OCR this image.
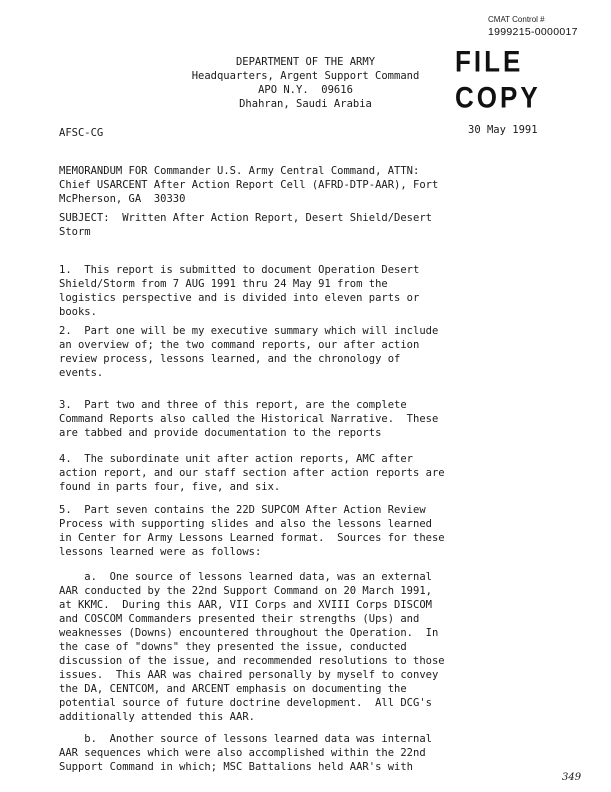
CMAT Control #
1999215-0000017
FILE COPY
DEPARTMENT OF THE ARMY
Headquarters, Argent Support Command
APO N.Y.  09616
Dhahran, Saudi Arabia
AFSC-CG	30 May 1991
MEMORANDUM FOR Commander U.S. Army Central Command, ATTN:
Chief USARCENT After Action Report Cell (AFRD-DTP-AAR), Fort
McPherson, GA  30330
SUBJECT:  Written After Action Report, Desert Shield/Desert
Storm
1.  This report is submitted to document Operation Desert
Shield/Storm from 7 AUG 1991 thru 24 May 91 from the
logistics perspective and is divided into eleven parts or
books.
2.  Part one will be my executive summary which will include
an overview of; the two command reports, our after action
review process, lessons learned, and the chronology of
events.
3.  Part two and three of this report, are the complete
Command Reports also called the Historical Narrative.  These
are tabbed and provide documentation to the reports
4.  The subordinate unit after action reports, AMC after
action report, and our staff section after action reports are
found in parts four, five, and six.
5.  Part seven contains the 22D SUPCOM After Action Review
Process with supporting slides and also the lessons learned
in Center for Army Lessons Learned format.  Sources for these
lessons learned were as follows:
a.  One source of lessons learned data, was an external
AAR conducted by the 22nd Support Command on 20 March 1991,
at KKMC.  During this AAR, VII Corps and XVIII Corps DISCOM
and COSCOM Commanders presented their strengths (Ups) and
weaknesses (Downs) encountered throughout the Operation.  In
the case of "downs" they presented the issue, conducted
discussion of the issue, and recommended resolutions to those
issues.  This AAR was chaired personally by myself to convey
the DA, CENTCOM, and ARCENT emphasis on documenting the
potential source of future doctrine development.  All DCG's
additionally attended this AAR.
b.  Another source of lessons learned data was internal
AAR sequences which were also accomplished within the 22nd
Support Command in which; MSC Battalions held AAR's with
349
